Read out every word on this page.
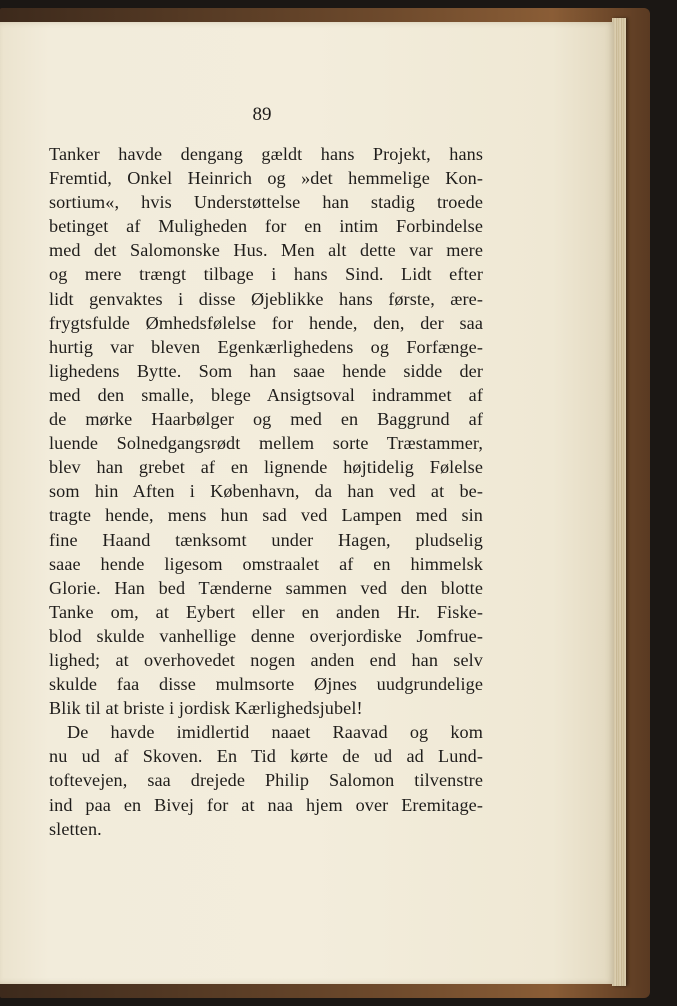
89
Tanker havde dengang gældt hans Projekt, hans
Fremtid, Onkel Heinrich og »det hemmelige Kon-
sortium«, hvis Understøttelse han stadig troede
betinget af Muligheden for en intim Forbindelse
med det Salomonske Hus. Men alt dette var mere
og mere trængt tilbage i hans Sind. Lidt efter
lidt genvaktes i disse Øjeblikke hans første, ære-
frygtsfulde Ømhedsfølelse for hende, den, der saa
hurtig var bleven Egenkærlighedens og Forfænge-
lighedens Bytte. Som han saae hende sidde der
med den smalle, blege Ansigtsoval indrammet af
de mørke Haarbølger og med en Baggrund af
luende Solnedgangsrødt mellem sorte Træstammer,
blev han grebet af en lignende højtidelig Følelse
som hin Aften i København, da han ved at be-
tragte hende, mens hun sad ved Lampen med sin
fine Haand tænksomt under Hagen, pludselig
saae hende ligesom omstraalet af en himmelsk
Glorie. Han bed Tænderne sammen ved den blotte
Tanke om, at Eybert eller en anden Hr. Fiske-
blod skulde vanhellige denne overjordiske Jomfrue-
lighed; at overhovedet nogen anden end han selv
skulde faa disse mulmsorte Øjnes uudgrundelige
Blik til at briste i jordisk Kærlighedsjubel!
De havde imidlertid naaet Raavad og kom
nu ud af Skoven. En Tid kørte de ud ad Lund-
toftevejen, saa drejede Philip Salomon tilvenstre
ind paa en Bivej for at naa hjem over Eremitage-
sletten.
